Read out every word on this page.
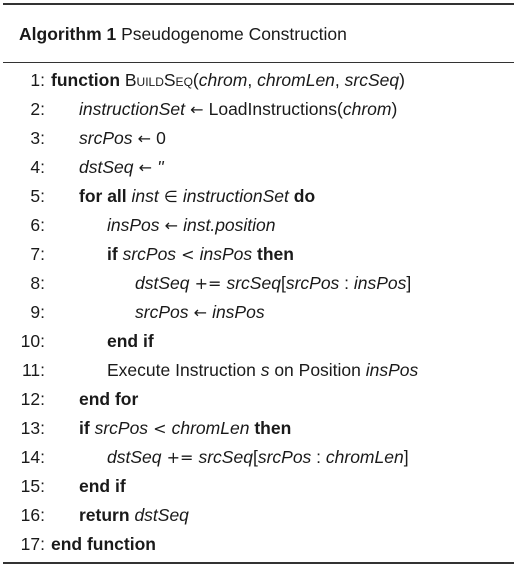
Algorithm 1 Pseudogenome Construction
1: function BuildSeq(chrom, chromLen, srcSeq)
2: instructionSet ← LoadInstructions(chrom)
3: srcPos ← 0
4: dstSeq ← ''
5: for all inst ∈ instructionSet do
6:	insPos ← inst.position
7:	if srcPos < insPos then
8:	dstSeq += srcSeq[srcPos : insPos]
9:	srcPos ← insPos
10:	end if
11:	Execute Instruction s on Position insPos
12: end for
13: if srcPos < chromLen then
14:	dstSeq += srcSeq[srcPos : chromLen]
15: end if
16: return dstSeq
17: end function
